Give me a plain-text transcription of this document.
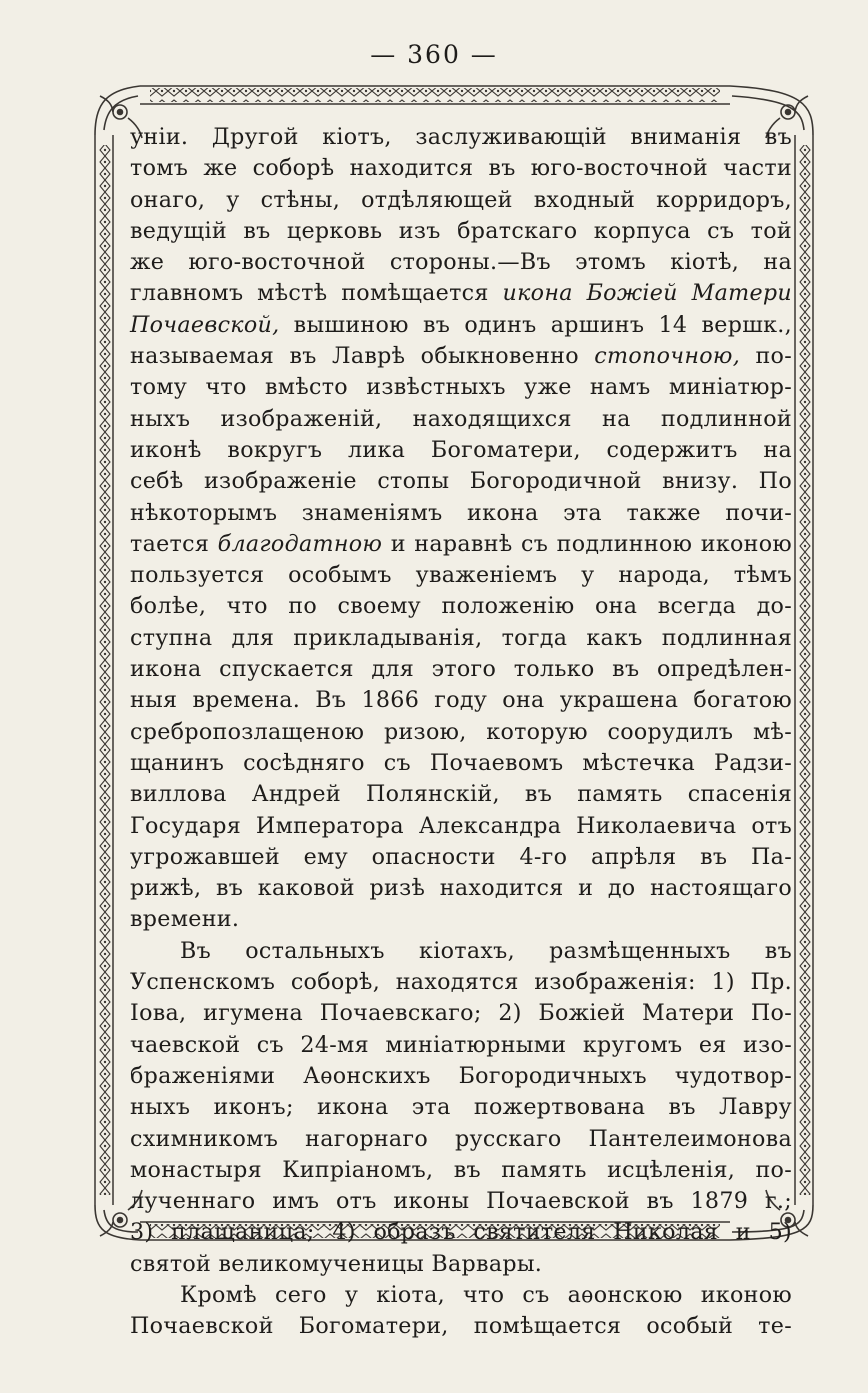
— 360 —
уніи. Другой кіотъ, заслуживающій вниманія въ
томъ же соборѣ находится въ юго-восточной части
онаго, у стѣны, отдѣляющей входный корридоръ,
ведущій въ церковь изъ братскаго корпуса съ той
же юго-восточной стороны.—Въ этомъ кіотѣ, на
главномъ мѣстѣ помѣщается икона Божіей Матери
Почаевской, вышиною въ одинъ аршинъ 14 вершк.,
называемая въ Лаврѣ обыкновенно стопочною, по-
тому что вмѣсто извѣстныхъ уже намъ миніатюр-
ныхъ изображеній, находящихся на подлинной
иконѣ вокругъ лика Богоматери, содержитъ на
себѣ изображеніе стопы Богородичной внизу. По
нѣкоторымъ знаменіямъ икона эта также почи-
тается благодатною и наравнѣ съ подлинною иконою
пользуется особымъ уваженіемъ у народа, тѣмъ
болѣе, что по своему положенію она всегда до-
ступна для прикладыванія, тогда какъ подлинная
икона спускается для этого только въ опредѣлен-
ныя времена. Въ 1866 году она украшена богатою
сребропозлащеною ризою, которую соорудилъ мѣ-
щанинъ сосѣдняго съ Почаевомъ мѣстечка Радзи-
виллова Андрей Полянскій, въ память спасенія
Государя Императора Александра Николаевича отъ
угрожавшей ему опасности 4-го апрѣля въ Па-
рижѣ, въ каковой ризѣ находится и до настоящаго
времени.
Въ остальныхъ кіотахъ, размѣщенныхъ въ
Успенскомъ соборѣ, находятся изображенія: 1) Пр.
Іова, игумена Почаевскаго; 2) Божіей Матери По-
чаевской съ 24-мя миніатюрными кругомъ ея изо-
браженіями Аѳонскихъ Богородичныхъ чудотвор-
ныхъ иконъ; икона эта пожертвована въ Лавру
схимникомъ нагорнаго русскаго Пантелеимонова
монастыря Кипріаномъ, въ память исцѣленія, по-
лученнаго имъ отъ иконы Почаевской въ 1879 г.;
3) плащаница; 4) образъ святителя Николая и 5)
святой великомученицы Варвары.
Кромѣ сего у кіота, что съ аѳонскою иконою
Почаевской Богоматери, помѣщается особый те-
